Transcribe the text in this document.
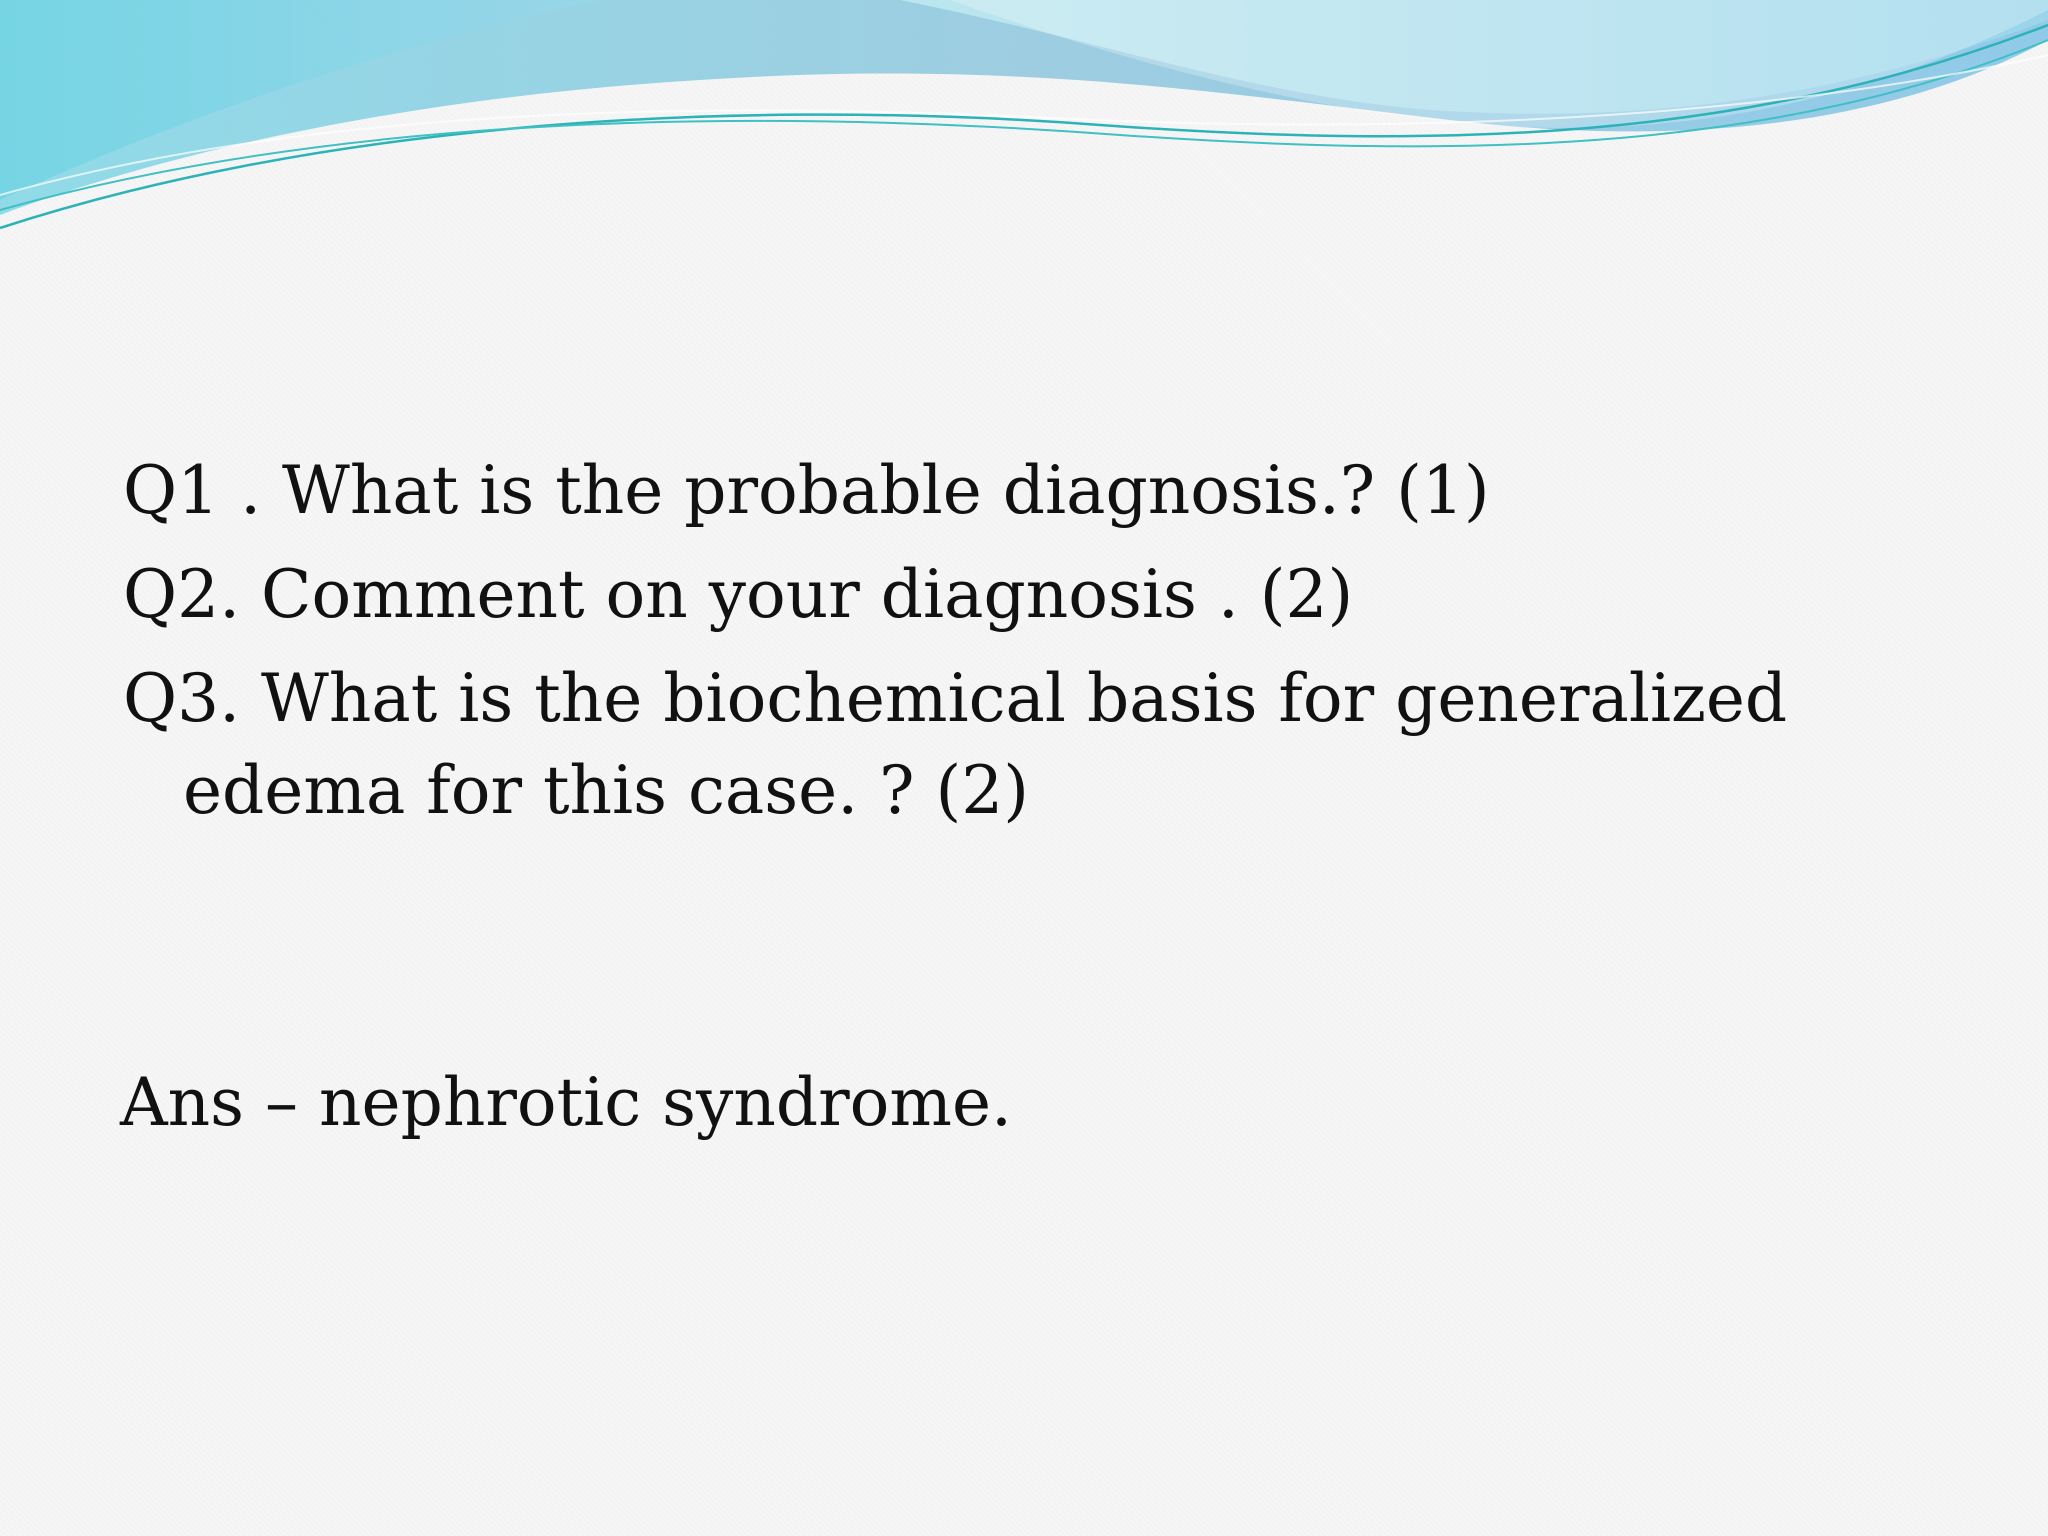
Q1 . What is the probable diagnosis.? (1)
Q2. Comment on your diagnosis . (2)
Q3. What is the biochemical basis for generalized
edema for this case. ? (2)
Ans – nephrotic syndrome.
